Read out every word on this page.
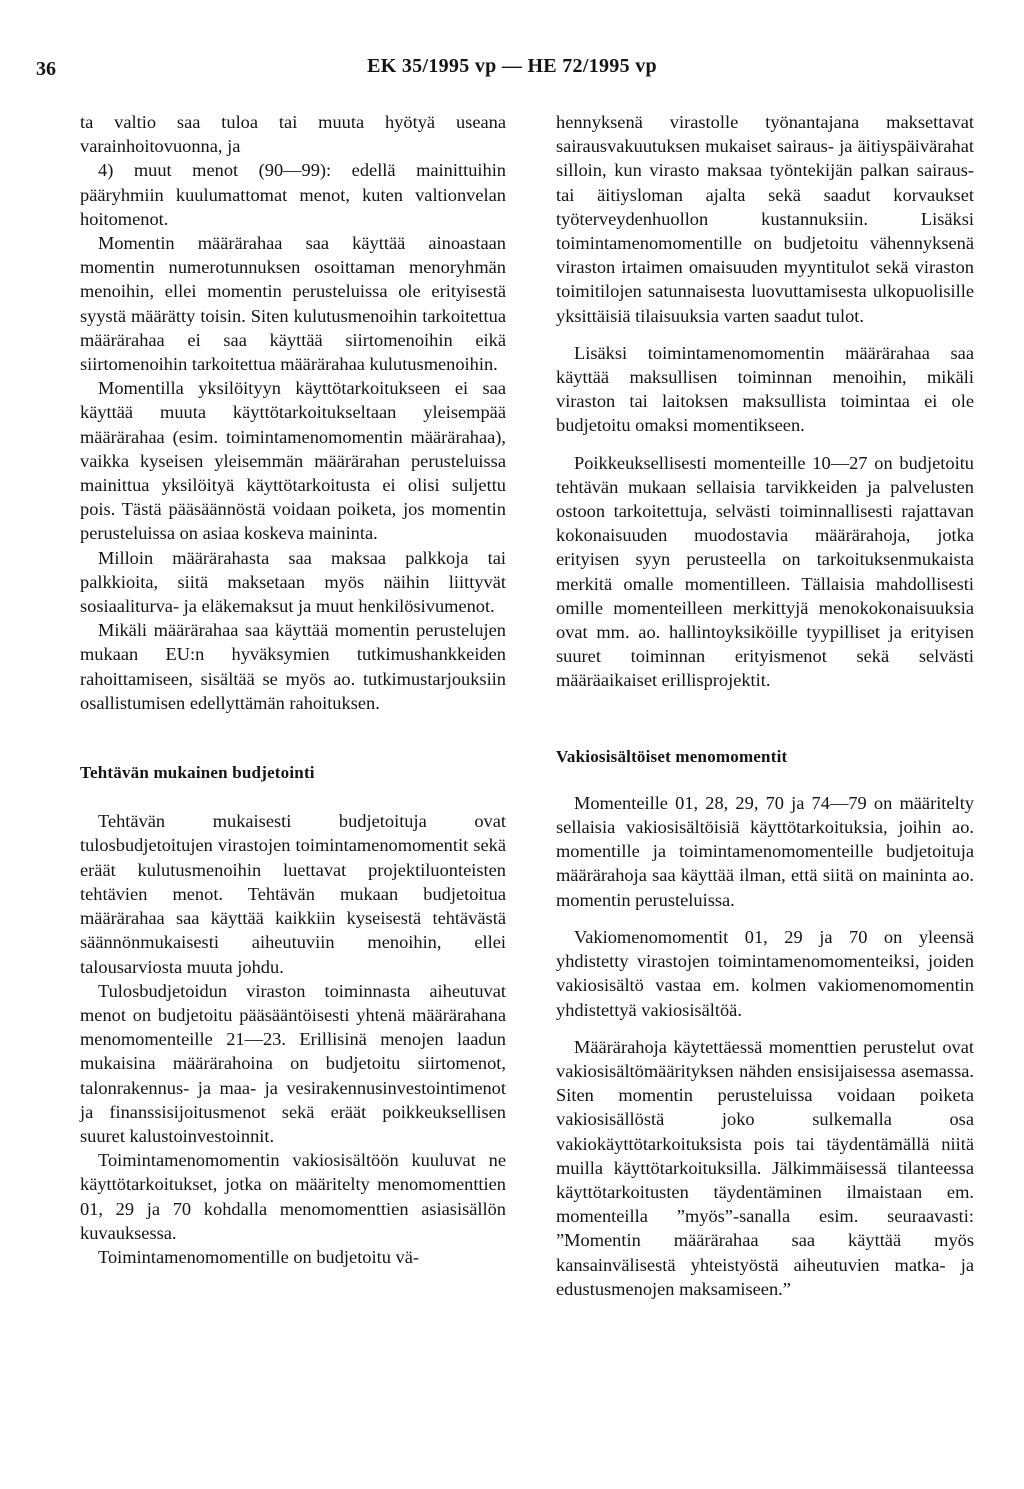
36	EK 35/1995 vp — HE 72/1995 vp

ta valtio saa tuloa tai muuta hyötyä useana varainhoitovuonna, ja

4) muut menot (90—99): edellä mainittuihin pääryhmiin kuulumattomat menot, kuten valtionvelan hoitomenot.

Momentin määrärahaa saa käyttää ainoastaan momentin numerotunnuksen osoittaman menoryhmän menoihin, ellei momentin perusteluissa ole erityisestä syystä määrätty toisin. Siten kulutusmenoihin tarkoitettua määrärahaa ei saa käyttää siirtomenoihin eikä siirtomenoihin tarkoitettua määrärahaa kulutusmenoihin.

Momentilla yksilöityyn käyttötarkoitukseen ei saa käyttää muuta käyttötarkoitukseltaan yleisempää määrärahaa (esim. toimintamenomomentin määrärahaa), vaikka kyseisen yleisemmän määrärahan perusteluissa mainittua yksilöityä käyttötarkoitusta ei olisi suljettu pois. Tästä pääsäännöstä voidaan poiketa, jos momentin perusteluissa on asiaa koskeva maininta.

Milloin määrärahasta saa maksaa palkkoja tai palkkioita, siitä maksetaan myös näihin liittyvät sosiaaliturva- ja eläkemaksut ja muut henkilösivumenot.

Mikäli määrärahaa saa käyttää momentin perustelujen mukaan EU:n hyväksymien tutkimushankkeiden rahoittamiseen, sisältää se myös ao. tutkimustarjouksiin osallistumisen edellyttämän rahoituksen.

Tehtävän mukainen budjetointi

Tehtävän mukaisesti budjetoituja ovat tulosbudjetoitujen virastojen toimintamenomomentit sekä eräät kulutusmenoihin luettavat projektiluonteisten tehtävien menot. Tehtävän mukaan budjetoitua määrärahaa saa käyttää kaikkiin kyseisestä tehtävästä säännönmukaisesti aiheutuviin menoihin, ellei talousarviosta muuta johdu.

Tulosbudjetoidun viraston toiminnasta aiheutuvat menot on budjetoitu pääsääntöisesti yhtenä määrärahana menomomenteille 21—23. Erillisinä menojen laadun mukaisina määrärahoina on budjetoitu siirtomenot, talonrakennus- ja maa- ja vesirakennusinvestointimenot ja finanssisijoitusmenot sekä eräät poikkeuksellisen suuret kalustoinvestoinnit.

Toimintamenomomentin vakiosisältöön kuuluvat ne käyttötarkoitukset, jotka on määritelty menomomenttien 01, 29 ja 70 kohdalla menomomenttien asiasisällön kuvauksessa.

Toimintamenomomentille on budjetoitu vä-

hennyksenä virastolle työnantajana maksettavat sairausvakuutuksen mukaiset sairaus- ja äitiyspäivärahat silloin, kun virasto maksaa työntekijän palkan sairaus- tai äitiysloman ajalta sekä saadut korvaukset työterveydenhuollon kustannuksiin. Lisäksi toimintamenomomentille on budjetoitu vähennyksenä viraston irtaimen omaisuuden myyntitulot sekä viraston toimitilojen satunnaisesta luovuttamisesta ulkopuolisille yksittäisiä tilaisuuksia varten saadut tulot.

Lisäksi toimintamenomomentin määrärahaa saa käyttää maksullisen toiminnan menoihin, mikäli viraston tai laitoksen maksullista toimintaa ei ole budjetoitu omaksi momentikseen.

Poikkeuksellisesti momenteille 10—27 on budjetoitu tehtävän mukaan sellaisia tarvikkeiden ja palvelusten ostoon tarkoitettuja, selvästi toiminnallisesti rajattavan kokonaisuuden muodostavia määrärahoja, jotka erityisen syyn perusteella on tarkoituksenmukaista merkitä omalle momentilleen. Tällaisia mahdollisesti omille momenteilleen merkittyjä menokokonaisuuksia ovat mm. ao. hallintoyksiköille tyypilliset ja erityisen suuret toiminnan erityismenot sekä selvästi määräaikaiset erillisprojektit.

Vakiosisältöiset menomomentit

Momenteille 01, 28, 29, 70 ja 74—79 on määritelty sellaisia vakiosisältöisiä käyttötarkoituksia, joihin ao. momentille ja toimintamenomomenteille budjetoituja määrärahoja saa käyttää ilman, että siitä on maininta ao. momentin perusteluissa.

Vakiomenomomentit 01, 29 ja 70 on yleensä yhdistetty virastojen toimintamenomomenteiksi, joiden vakiosisältö vastaa em. kolmen vakiomenomomentin yhdistettyä vakiosisältöä.

Määrärahoja käytettäessä momenttien perustelut ovat vakiosisältömäärityksen nähden ensisijaisessa asemassa. Siten momentin perusteluissa voidaan poiketa vakiosisällöstä joko sulkemalla osa vakiokäyttötarkoituksista pois tai täydentämällä niitä muilla käyttötarkoituksilla. Jälkimmäisessä tilanteessa käyttötarkoitusten täydentäminen ilmaistaan em. momenteilla ”myös”-sanalla esim. seuraavasti: ”Momentin määrärahaa saa käyttää myös kansainvälisestä yhteistyöstä aiheutuvien matka- ja edustusmenojen maksamiseen.”
